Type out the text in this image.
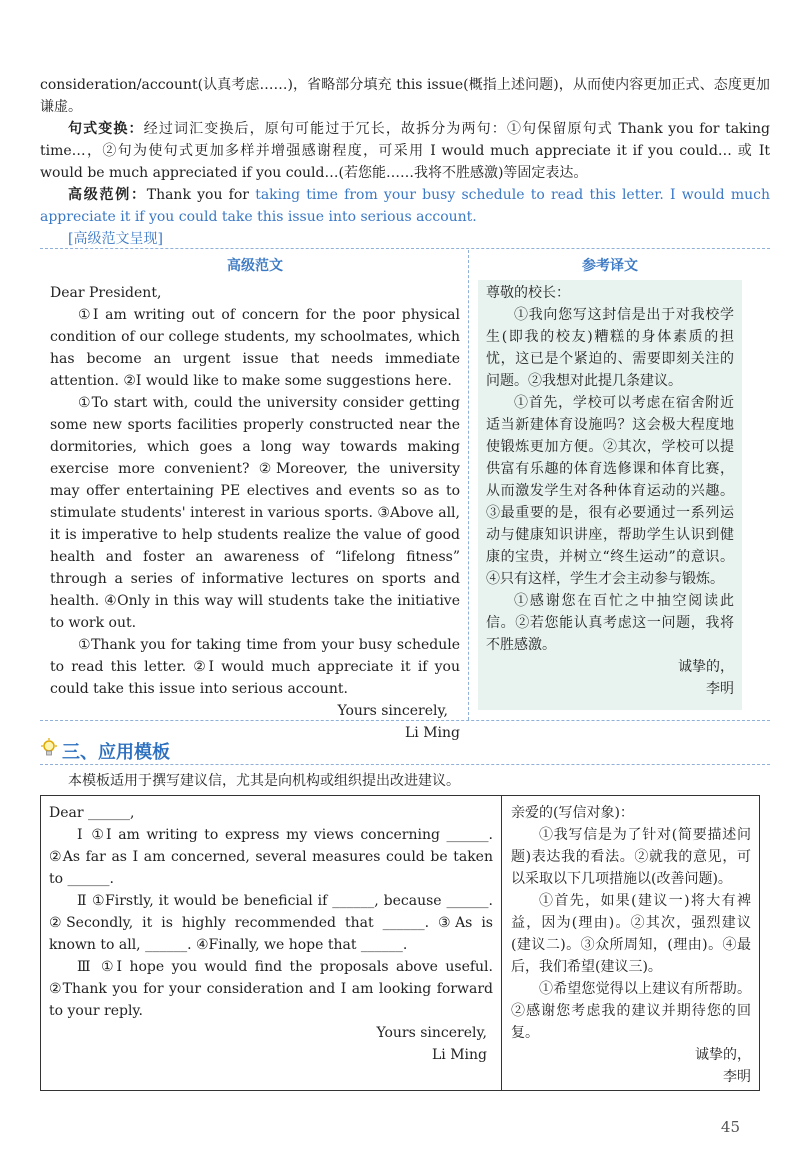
consideration/account(认真考虑……)，省略部分填充 this issue(概指上述问题)，从而使内容更加正式、态度更加谦虚。
句式变换：经过词汇变换后，原句可能过于冗长，故拆分为两句：①句保留原句式 Thank you for taking time…，②句为使句式更加多样并增强感谢程度，可采用 I would much appreciate it if you could… 或 It would be much appreciated if you could…(若您能……我将不胜感激)等固定表达。
高级范例：Thank you for taking time from your busy schedule to read this letter. I would much appreciate it if you could take this issue into serious account.
[高级范文呈现]
高级范文	参考译文
Dear President,

①I am writing out of concern for the poor physical condition of our college students, my schoolmates, which has become an urgent issue that needs immediate attention. ②I would like to make some suggestions here.

①To start with, could the university consider getting some new sports facilities properly constructed near the dormitories, which goes a long way towards making exercise more convenient? ②Moreover, the university may offer entertaining PE electives and events so as to stimulate students' interest in various sports. ③Above all, it is imperative to help students realize the value of good health and foster an awareness of “lifelong fitness” through a series of informative lectures on sports and health. ④Only in this way will students take the initiative to work out.

①Thank you for taking time from your busy schedule to read this letter. ②I would much appreciate it if you could take this issue into serious account.

Yours sincerely,
Li Ming
尊敬的校长：

①我向您写这封信是出于对我校学生(即我的校友)糟糕的身体素质的担忧，这已是个紧迫的、需要即刻关注的问题。②我想对此提几条建议。

①首先，学校可以考虑在宿舍附近适当新建体育设施吗？这会极大程度地使锻炼更加方便。②其次，学校可以提供富有乐趣的体育选修课和体育比赛，从而激发学生对各种体育运动的兴趣。③最重要的是，很有必要通过一系列运动与健康知识讲座，帮助学生认识到健康的宝贵，并树立“终生运动”的意识。④只有这样，学生才会主动参与锻炼。

①感谢您在百忙之中抽空阅读此信。②若您能认真考虑这一问题，我将不胜感激。

诚挚的，
李明
三、应用模板
本模板适用于撰写建议信，尤其是向机构或组织提出改进建议。

Dear ______,

Ⅰ ①I am writing to express my views concerning ______. ②As far as I am concerned, several measures could be taken to ______.

Ⅱ ①Firstly, it would be beneficial if ______, because ______. ②Secondly, it is highly recommended that ______. ③As is known to all, ______. ④Finally, we hope that ______.

Ⅲ ①I hope you would find the proposals above useful. ②Thank you for your consideration and I am looking forward to your reply.

Yours sincerely,

Li Ming

亲爱的(写信对象)：

①我写信是为了针对(简要描述问题)表达我的看法。②就我的意见，可以采取以下几项措施以(改善问题)。

①首先，如果(建议一)将大有裨益，因为(理由)。②其次，强烈建议(建议二)。③众所周知，(理由)。④最后，我们希望(建议三)。

①希望您觉得以上建议有所帮助。②感谢您考虑我的建议并期待您的回复。

诚挚的，

李明

45
